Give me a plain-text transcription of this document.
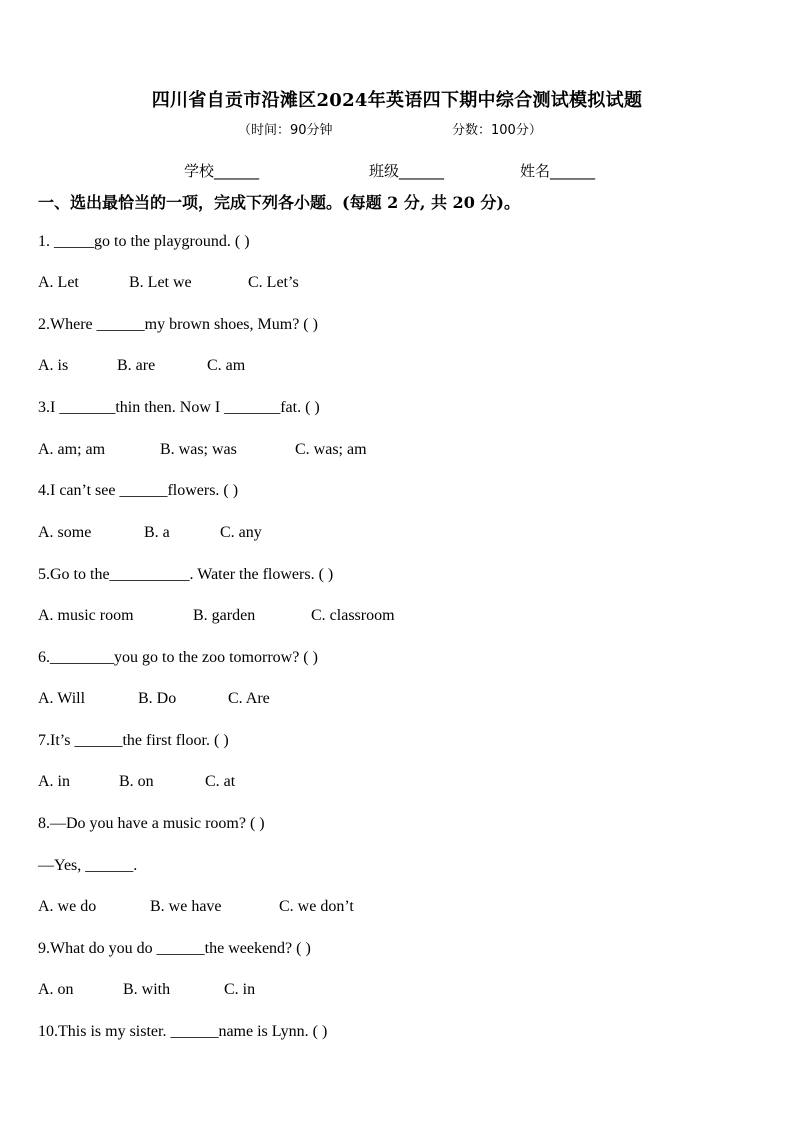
四川省自贡市沿滩区2024年英语四下期中综合测试模拟试题
（时间：90分钟	分数：100分）
学校______	班级______	姓名______
一、选出最恰当的一项，完成下列各小题。(每题 2 分, 共 20 分)。
1. _____go to the playground. ( )
A. Let	B. Let we	C. Let’s
2.Where ______my brown shoes, Mum? ( )
A. is	B. are	C. am
3.I _______thin then. Now I _______fat. ( )
A. am; am	B. was; was	C. was; am
4.I can’t see ______flowers. ( )
A. some	B. a	C. any
5.Go to the__________. Water the flowers. ( )
A. music room	B. garden	C. classroom
6.________you go to the zoo tomorrow? ( )
A. Will	B. Do	C. Are
7.It’s ______the first floor. ( )
A. in	B. on	C. at
8.—Do you have a music room? ( )
—Yes, ______.
A. we do	B. we have	C. we don’t
9.What do you do ______the weekend? ( )
A. on	B. with	C. in
10.This is my sister. ______name is Lynn. ( )
